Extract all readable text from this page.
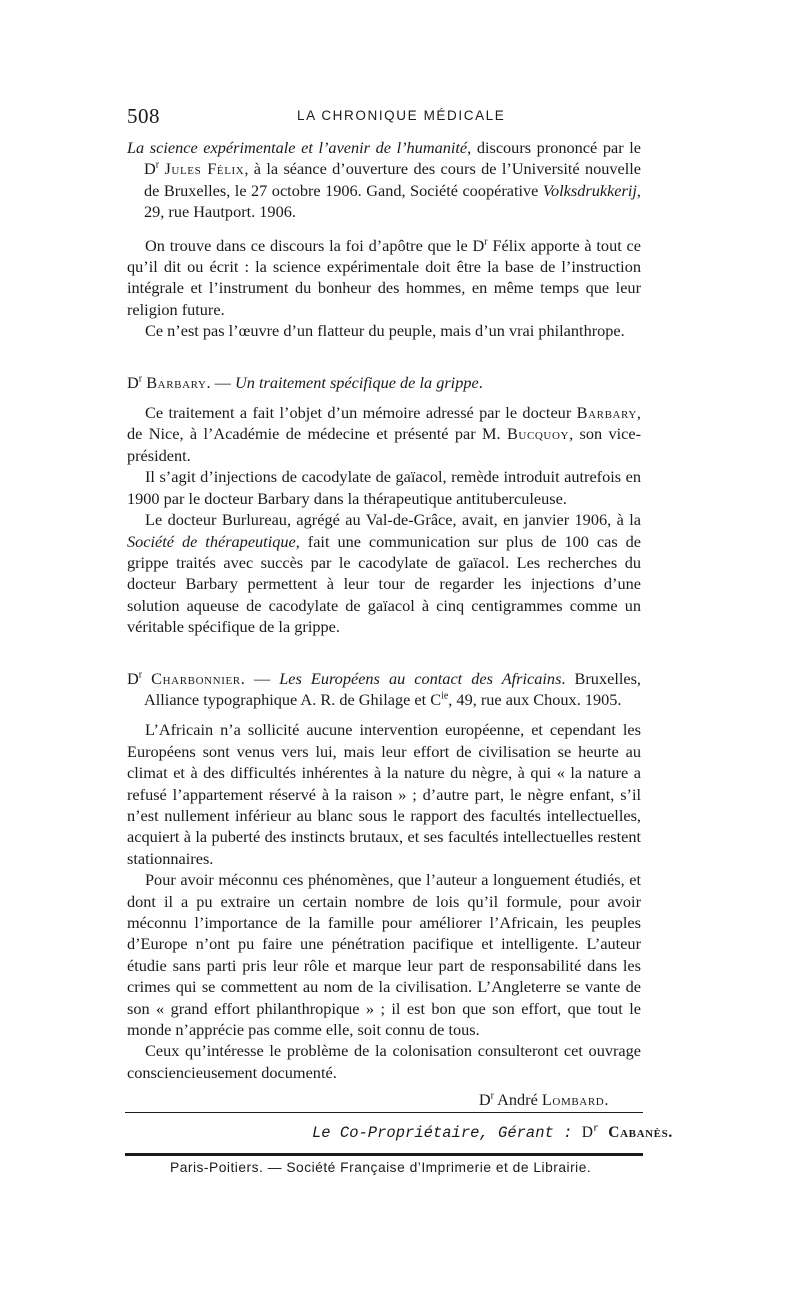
508	LA CHRONIQUE MÉDICALE

La science expérimentale et l’avenir de l’humanité, discours prononcé par le $D^r$ Jules Félix, à la séance d’ouverture des cours de l’Université nouvelle de Bruxelles, le 27 octobre 1906. Gand, Société coopérative Volksdrukkerij, 29, rue Hautport. 1906.

On trouve dans ce discours la foi d’apôtre que le $D^r$ Félix apporte à tout ce qu’il dit ou écrit : la science expérimentale doit être la base de l’instruction intégrale et l’instrument du bonheur des hommes, en même temps que leur religion future.

Ce n’est pas l’œuvre d’un flatteur du peuple, mais d’un vrai philanthrope.

$D^r$ Barbary. — Un traitement spécifique de la grippe.

Ce traitement a fait l’objet d’un mémoire adressé par le docteur Barbary, de Nice, à l’Académie de médecine et présenté par M. Bucquoy, son vice-président.

Il s’agit d’injections de cacodylate de gaïacol, remède introduit autrefois en 1900 par le docteur Barbary dans la thérapeutique antituberculeuse.

Le docteur Burlureau, agrégé au Val-de-Grâce, avait, en janvier 1906, à la Société de thérapeutique, fait une communication sur plus de 100 cas de grippe traités avec succès par le cacodylate de gaïacol. Les recherches du docteur Barbary permettent à leur tour de regarder les injections d’une solution aqueuse de cacodylate de gaïacol à cinq centigrammes comme un véritable spécifique de la grippe.

$D^r$ Charbonnier. — Les Européens au contact des Africains. Bruxelles, Alliance typographique A. R. de Ghilage et $C^{ie}$, 49, rue aux Choux. 1905.

L’Africain n’a sollicité aucune intervention européenne, et cependant les Européens sont venus vers lui, mais leur effort de civilisation se heurte au climat et à des difficultés inhérentes à la nature du nègre, à qui « la nature a refusé l’appartement réservé à la raison » ; d’autre part, le nègre enfant, s’il n’est nullement inférieur au blanc sous le rapport des facultés intellectuelles, acquiert à la puberté des instincts brutaux, et ses facultés intellectuelles restent stationnaires.

Pour avoir méconnu ces phénomènes, que l’auteur a longuement étudiés, et dont il a pu extraire un certain nombre de lois qu’il formule, pour avoir méconnu l’importance de la famille pour améliorer l’Africain, les peuples d’Europe n’ont pu faire une pénétration pacifique et intelligente. L’auteur étudie sans parti pris leur rôle et marque leur part de responsabilité dans les crimes qui se commettent au nom de la civilisation. L’Angleterre se vante de son « grand effort philanthropique » ; il est bon que son effort, que tout le monde n’apprécie pas comme elle, soit connu de tous.

Ceux qu’intéresse le problème de la colonisation consulteront cet ouvrage consciencieusement documenté.

$D^r$ André Lombard.

Le Co-Propriétaire, Gérant : $D^r$ Cabanès.
Paris-Poitiers. — Société Française d’Imprimerie et de Librairie.
